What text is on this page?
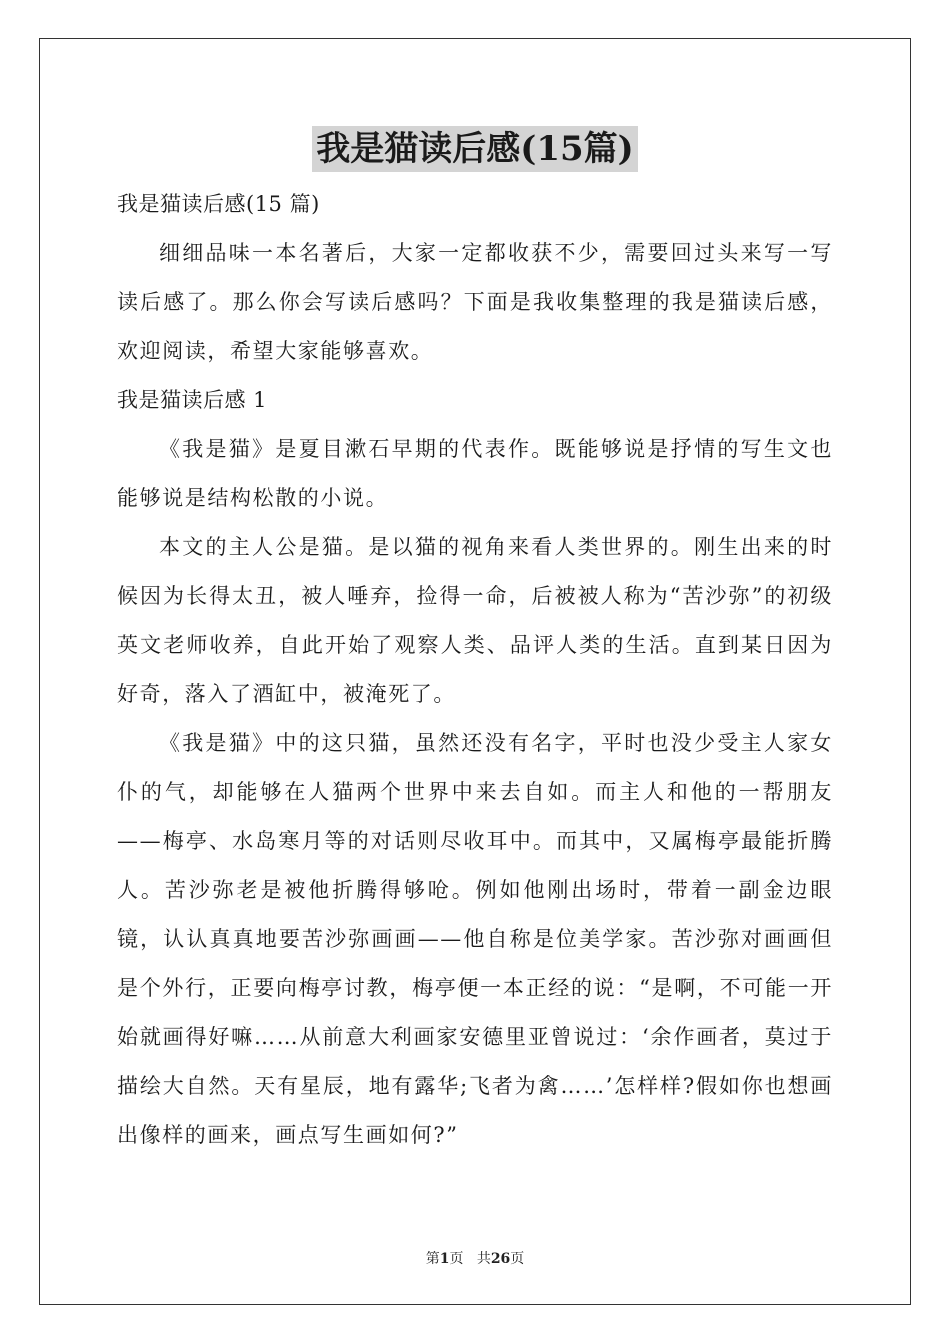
我是猫读后感(15篇)

我是猫读后感(15 篇)

细细品味一本名著后，大家一定都收获不少，需要回过头来写一写读后感了。那么你会写读后感吗？下面是我收集整理的我是猫读后感，欢迎阅读，希望大家能够喜欢。

我是猫读后感 1

《我是猫》是夏目漱石早期的代表作。既能够说是抒情的写生文也能够说是结构松散的小说。

本文的主人公是猫。是以猫的视角来看人类世界的。刚生出来的时候因为长得太丑，被人唾弃，捡得一命，后被被人称为“苦沙弥”的初级英文老师收养，自此开始了观察人类、品评人类的生活。直到某日因为好奇，落入了酒缸中，被淹死了。

《我是猫》中的这只猫，虽然还没有名字，平时也没少受主人家女仆的气，却能够在人猫两个世界中来去自如。而主人和他的一帮朋友——梅亭、水岛寒月等的对话则尽收耳中。而其中，又属梅亭最能折腾人。苦沙弥老是被他折腾得够呛。例如他刚出场时，带着一副金边眼镜，认认真真地要苦沙弥画画——他自称是位美学家。苦沙弥对画画但是个外行，正要向梅亭讨教，梅亭便一本正经的说：“是啊，不可能一开始就画得好嘛……从前意大利画家安德里亚曾说过：‘余作画者，莫过于描绘大自然。天有星辰，地有露华;飞者为禽……’怎样样?假如你也想画出像样的画来，画点写生画如何?”

第1页 共26页
